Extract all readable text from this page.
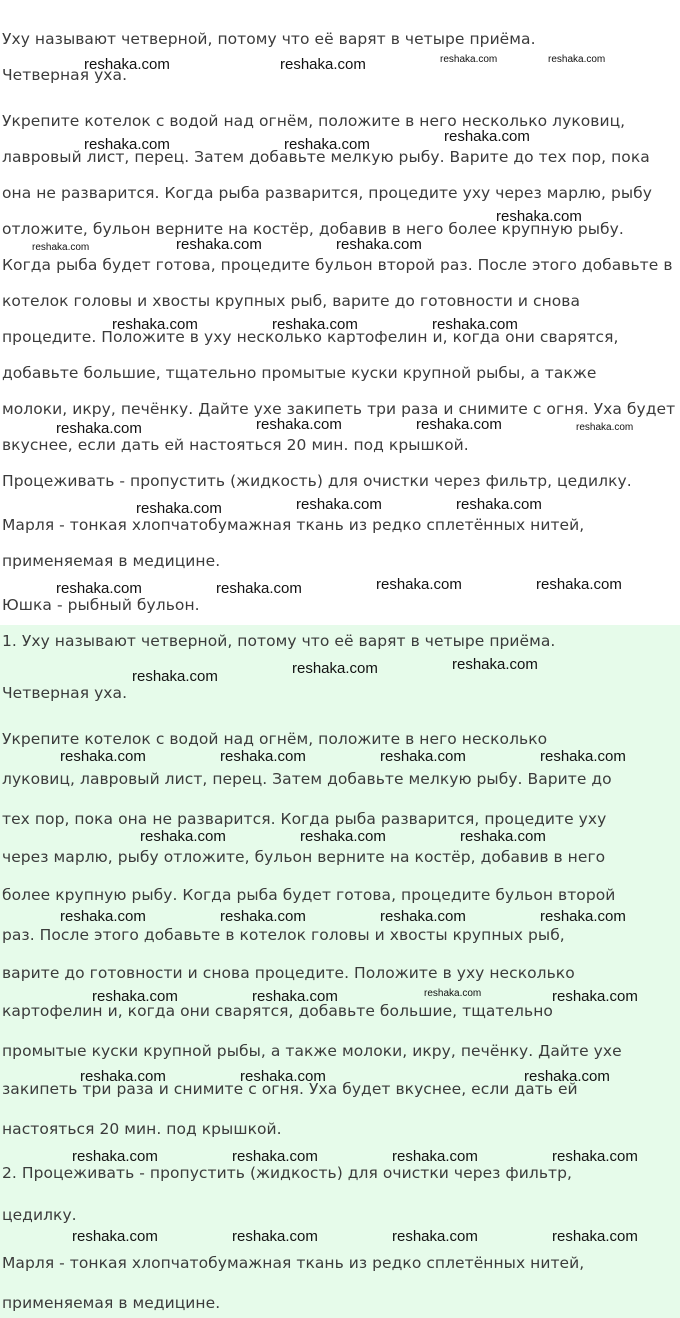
Уху называют четверной, потому что её варят в четыре приёма.
Четверная уха.
Укрепите котелок с водой над огнём, положите в него несколько луковиц,
лавровый лист, перец. Затем добавьте мелкую рыбу. Варите до тех пор, пока
она не разварится. Когда рыба разварится, процедите уху через марлю, рыбу
отложите, бульон верните на костёр, добавив в него более крупную рыбу.
Когда рыба будет готова, процедите бульон второй раз. После этого добавьте в
котелок головы и хвосты крупных рыб, варите до готовности и снова
процедите. Положите в уху несколько картофелин и, когда они сварятся,
добавьте большие, тщательно промытые куски крупной рыбы, а также
молоки, икру, печёнку. Дайте ухе закипеть три раза и снимите с огня. Уха будет
вкуснее, если дать ей настояться 20 мин. под крышкой.
Процеживать - пропустить (жидкость) для очистки через фильтр, цедилку.
Марля - тонкая хлопчатобумажная ткань из редко сплетённых нитей,
применяемая в медицине.
Юшка - рыбный бульон.
1. Уху называют четверной, потому что её варят в четыре приёма.
Четверная уха.
Укрепите котелок с водой над огнём, положите в него несколько
луковиц, лавровый лист, перец. Затем добавьте мелкую рыбу. Варите до
тех пор, пока она не разварится. Когда рыба разварится, процедите уху
через марлю, рыбу отложите, бульон верните на костёр, добавив в него
более крупную рыбу. Когда рыба будет готова, процедите бульон второй
раз. После этого добавьте в котелок головы и хвосты крупных рыб,
варите до готовности и снова процедите. Положите в уху несколько
картофелин и, когда они сварятся, добавьте большие, тщательно
промытые куски крупной рыбы, а также молоки, икру, печёнку. Дайте ухе
закипеть три раза и снимите с огня. Уха будет вкуснее, если дать ей
настояться 20 мин. под крышкой.
2. Процеживать - пропустить (жидкость) для очистки через фильтр,
цедилку.
Марля - тонкая хлопчатобумажная ткань из редко сплетённых нитей,
применяемая в медицине.
reshaka.com	reshaka.com	reshaka.com	reshaka.com
reshaka.com	reshaka.com	reshaka.com
reshaka.com
reshaka.com	reshaka.com	reshaka.com
reshaka.com	reshaka.com	reshaka.com
reshaka.com	reshaka.com	reshaka.com	reshaka.com
reshaka.com	reshaka.com	reshaka.com
reshaka.com	reshaka.com	reshaka.com	reshaka.com
reshaka.com	reshaka.com	reshaka.com
reshaka.com	reshaka.com	reshaka.com	reshaka.com
reshaka.com	reshaka.com	reshaka.com
reshaka.com	reshaka.com	reshaka.com	reshaka.com
reshaka.com	reshaka.com	reshaka.com	reshaka.com
reshaka.com	reshaka.com	reshaka.com
reshaka.com	reshaka.com	reshaka.com	reshaka.com
reshaka.com	reshaka.com	reshaka.com	reshaka.com
